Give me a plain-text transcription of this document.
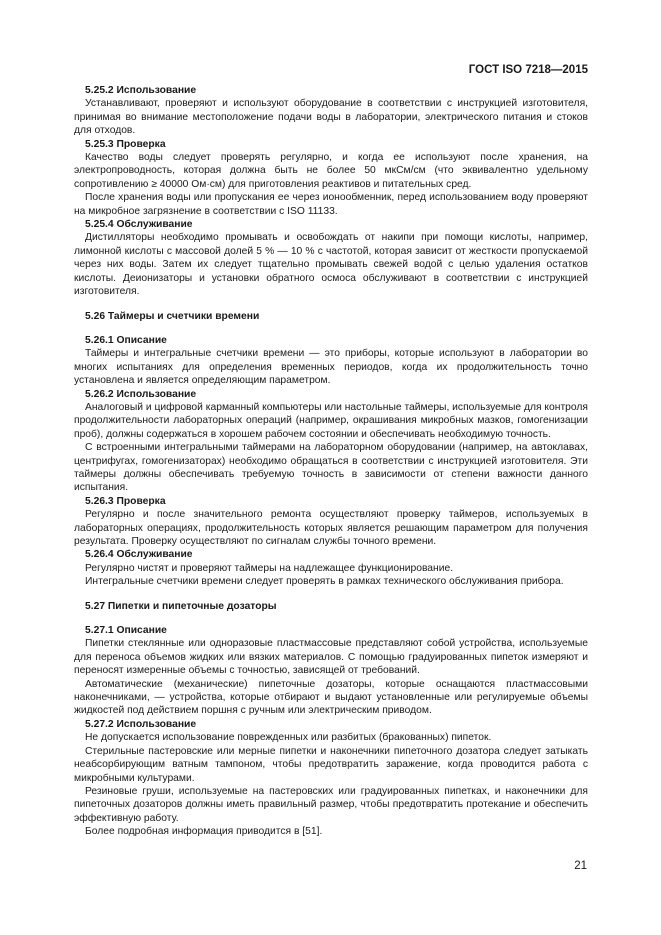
ГОСТ ISO 7218—2015
5.25.2 Использование

Устанавливают, проверяют и используют оборудование в соответствии с инструкцией изготовителя, принимая во внимание местоположение подачи воды в лаборатории, электрического питания и стоков для отходов.

5.25.3 Проверка

Качество воды следует проверять регулярно, и когда ее используют после хранения, на электропроводность, которая должна быть не более 50 мкСм/см (что эквивалентно удельному сопротивлению ≥ 40000 Ом·см) для приготовления реактивов и питательных сред.

После хранения воды или пропускания ее через ионообменник, перед использованием воду проверяют на микробное загрязнение в соответствии с ISO 11133.

5.25.4 Обслуживание

Дистилляторы необходимо промывать и освобождать от накипи при помощи кислоты, например, лимонной кислоты с массовой долей 5 % — 10 % с частотой, которая зависит от жесткости пропускаемой через них воды. Затем их следует тщательно промывать свежей водой с целью удаления остатков кислоты. Деионизаторы и установки обратного осмоса обслуживают в соответствии с инструкцией изготовителя.

5.26 Таймеры и счетчики времени
5.26.1 Описание

Таймеры и интегральные счетчики времени — это приборы, которые используют в лаборатории во многих испытаниях для определения временных периодов, когда их продолжительность точно установлена и является определяющим параметром.

5.26.2 Использование

Аналоговый и цифровой карманный компьютеры или настольные таймеры, используемые для контроля продолжительности лабораторных операций (например, окрашивания микробных мазков, гомогенизации проб), должны содержаться в хорошем рабочем состоянии и обеспечивать необходимую точность.

С встроенными интегральными таймерами на лабораторном оборудовании (например, на автоклавах, центрифугах, гомогенизаторах) необходимо обращаться в соответствии с инструкцией изготовителя. Эти таймеры должны обеспечивать требуемую точность в зависимости от степени важности данного испытания.

5.26.3 Проверка

Регулярно и после значительного ремонта осуществляют проверку таймеров, используемых в лабораторных операциях, продолжительность которых является решающим параметром для получения результата. Проверку осуществляют по сигналам службы точного времени.

5.26.4 Обслуживание

Регулярно чистят и проверяют таймеры на надлежащее функционирование.

Интегральные счетчики времени следует проверять в рамках технического обслуживания прибора.

5.27 Пипетки и пипеточные дозаторы
5.27.1 Описание

Пипетки стеклянные или одноразовые пластмассовые представляют собой устройства, используемые для переноса объемов жидких или вязких материалов. С помощью градуированных пипеток измеряют и переносят измеренные объемы с точностью, зависящей от требований.

Автоматические (механические) пипеточные дозаторы, которые оснащаются пластмассовыми наконечниками, — устройства, которые отбирают и выдают установленные или регулируемые объемы жидкостей под действием поршня с ручным или электрическим приводом.

5.27.2 Использование

Не допускается использование поврежденных или разбитых (бракованных) пипеток.

Стерильные пастеровские или мерные пипетки и наконечники пипеточного дозатора следует затыкать неабсорбирующим ватным тампоном, чтобы предотвратить заражение, когда проводится работа с микробными культурами.

Резиновые груши, используемые на пастеровских или градуированных пипетках, и наконечники для пипеточных дозаторов должны иметь правильный размер, чтобы предотвратить протекание и обеспечить эффективную работу.

Более подробная информация приводится в [51].

21
